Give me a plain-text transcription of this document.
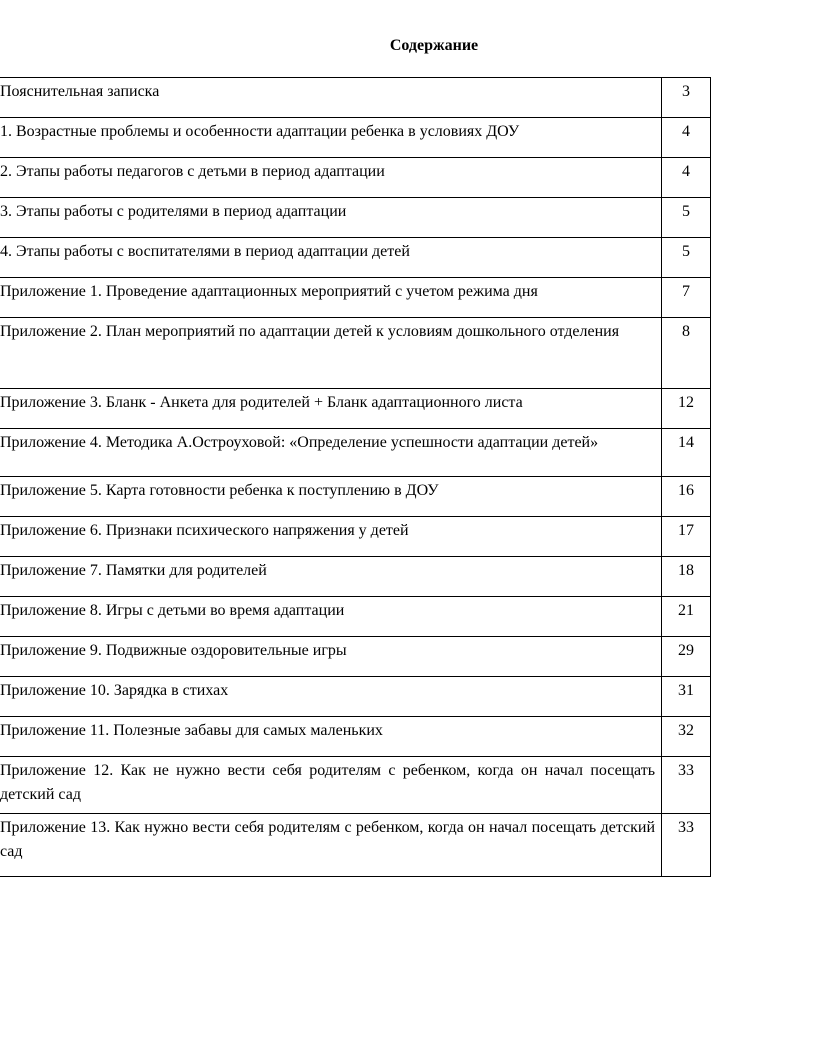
Содержание
Пояснительная записка	3
1. Возрастные проблемы и особенности адаптации ребенка в условиях ДОУ	4
2. Этапы работы педагогов с детьми в период адаптации	4
3. Этапы работы с родителями в период адаптации	5
4. Этапы работы с воспитателями в период адаптации детей	5
Приложение 1. Проведение адаптационных мероприятий с учетом режима дня	7
Приложение 2. План мероприятий по адаптации детей к условиям дошкольного отделения	8
Приложение 3. Бланк - Анкета для родителей + Бланк адаптационного листа	12
Приложение 4. Методика А.Остроуховой: «Определение успешности адаптации детей»	14
Приложение 5. Карта готовности ребенка к поступлению в ДОУ	16
Приложение 6. Признаки психического напряжения у детей	17
Приложение 7. Памятки для родителей	18
Приложение 8. Игры с детьми во время адаптации	21
Приложение 9. Подвижные оздоровительные игры	29
Приложение 10. Зарядка в стихах	31
Приложение 11. Полезные забавы для самых маленьких	32
Приложение 12. Как не нужно вести себя родителям с ребенком, когда он начал посещать детский сад	33
Приложение 13. Как нужно вести себя родителям с ребенком, когда он начал посещать детский сад	33
